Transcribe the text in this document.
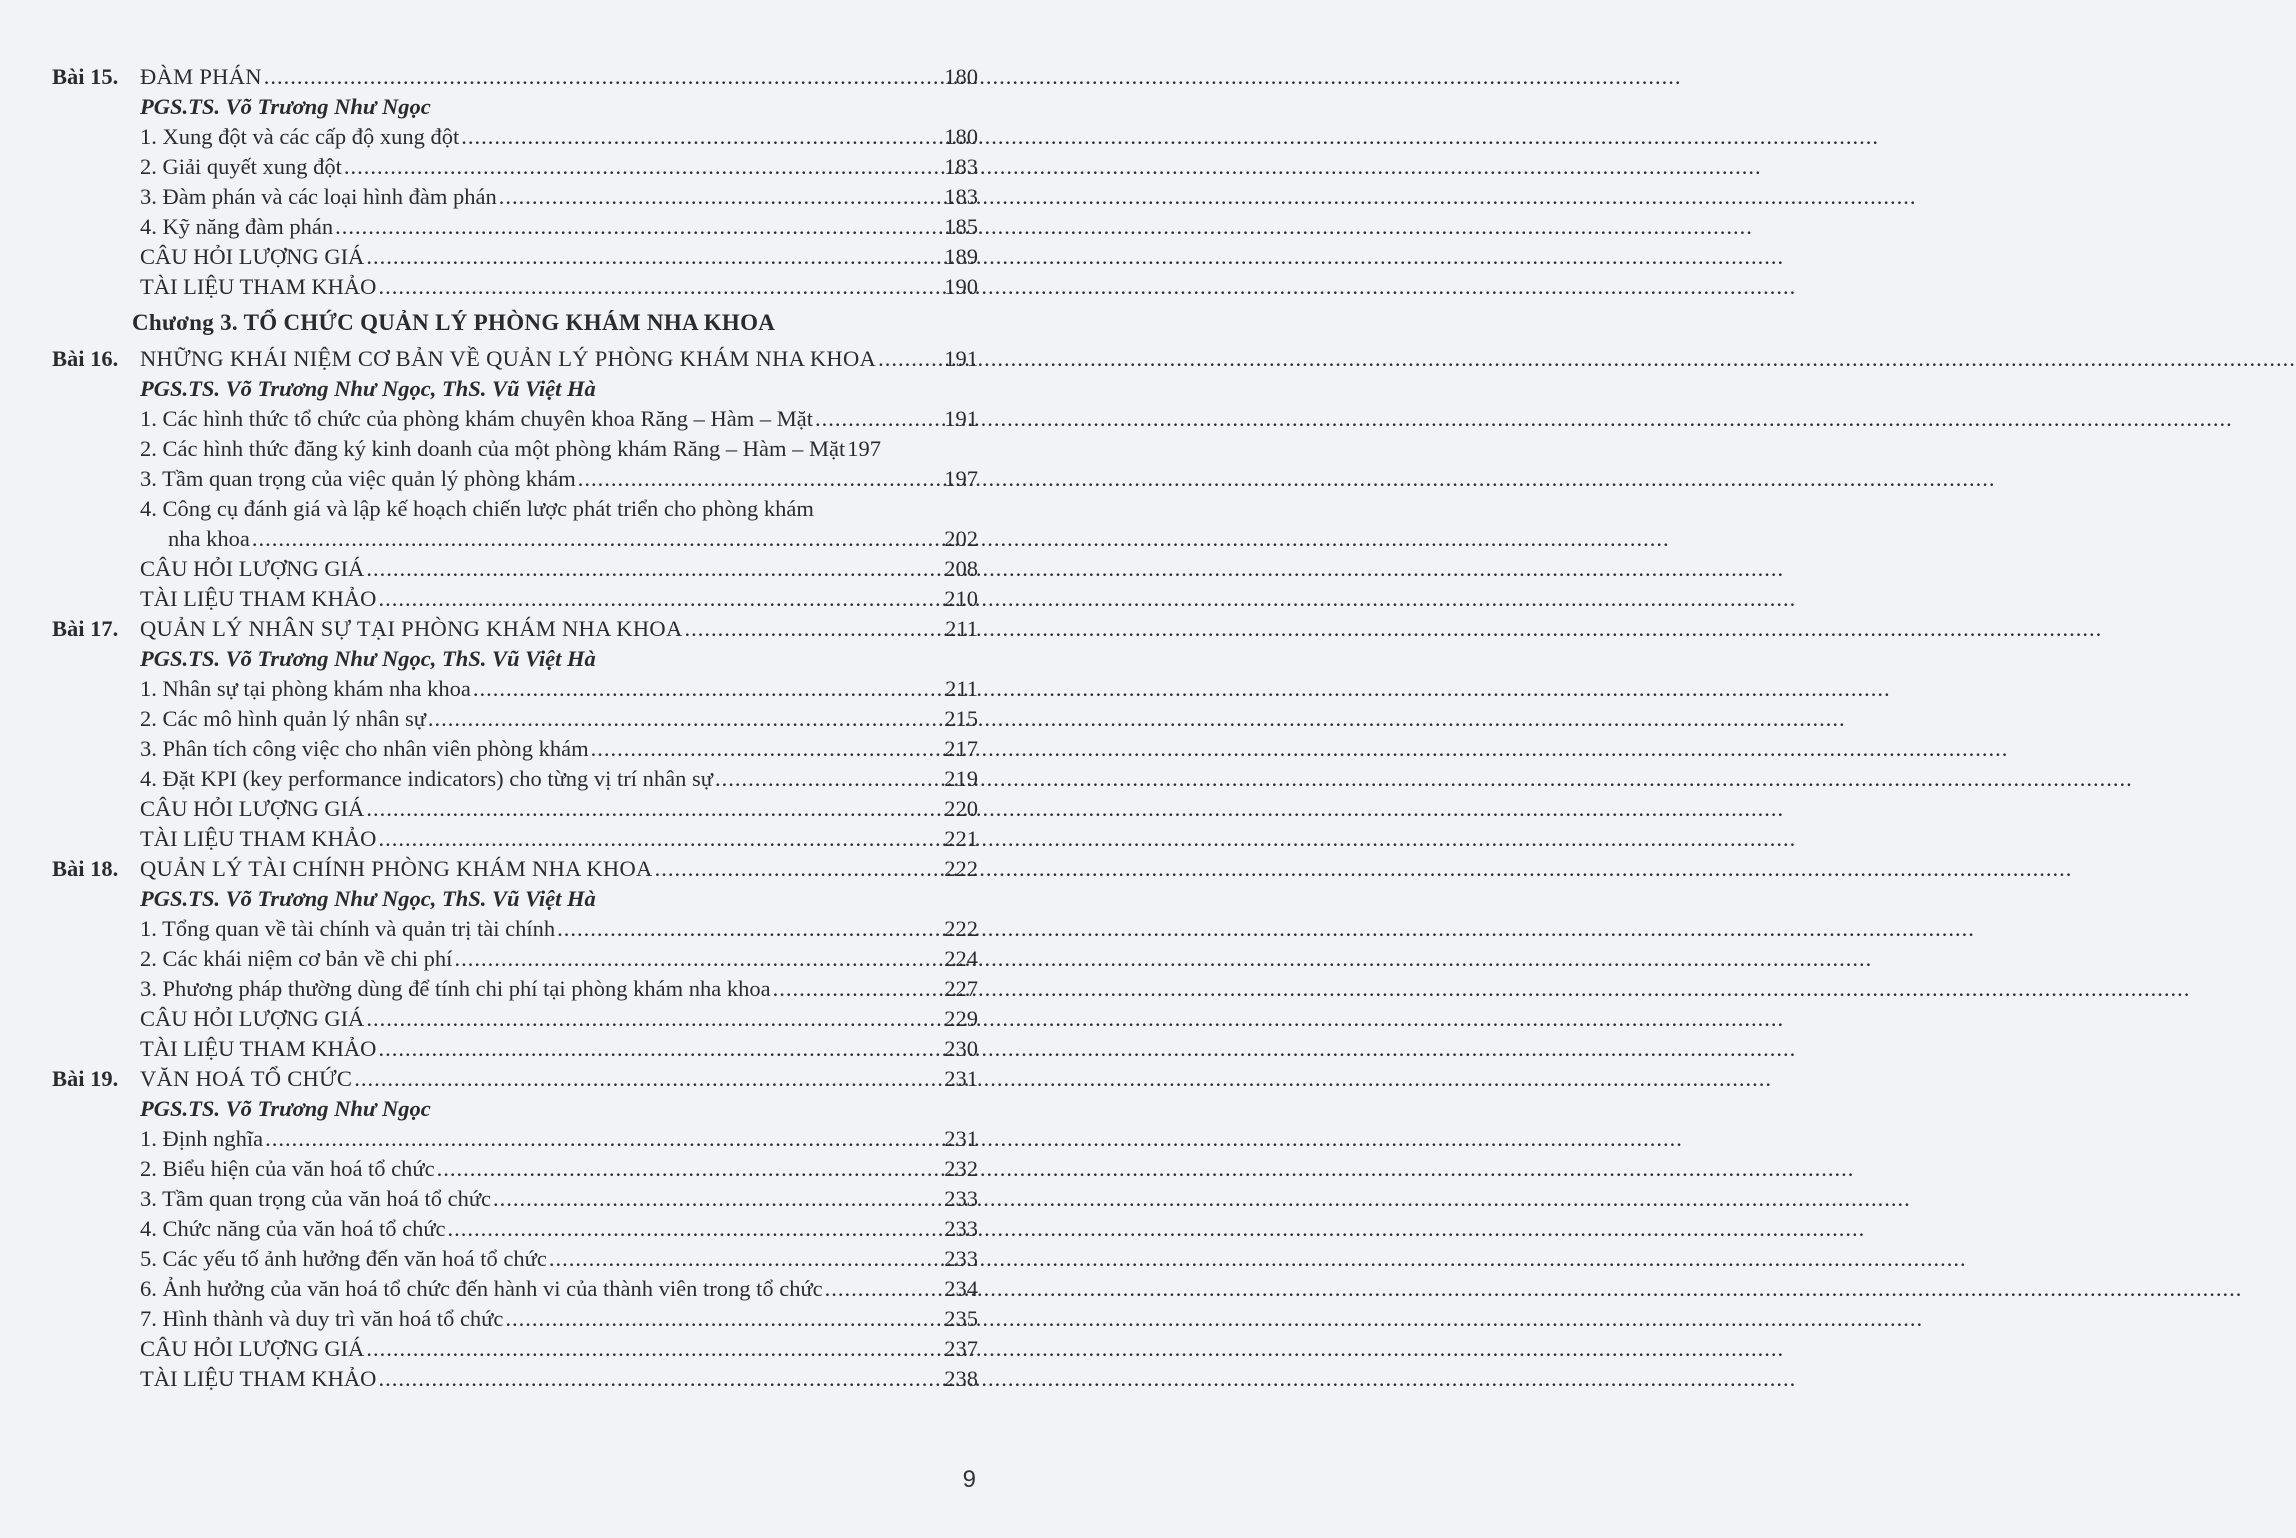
Bài 15. ĐÀM PHÁN .....	180
PGS.TS. Võ Trương Như Ngọc
1. Xung đột và các cấp độ xung đột .....	180
2. Giải quyết xung đột .....	183
3. Đàm phán và các loại hình đàm phán .....	183
4. Kỹ năng đàm phán .....	185
CÂU HỎI LƯỢNG GIÁ .....	189
TÀI LIỆU THAM KHẢO .....	190
Chương 3. TỔ CHỨC QUẢN LÝ PHÒNG KHÁM NHA KHOA
Bài 16. NHỮNG KHÁI NIỆM CƠ BẢN VỀ QUẢN LÝ PHÒNG KHÁM NHA KHOA .....	191
PGS.TS. Võ Trương Như Ngọc, ThS. Vũ Việt Hà
1. Các hình thức tổ chức của phòng khám chuyên khoa Răng – Hàm – Mặt .....	191
2. Các hình thức đăng ký kinh doanh của một phòng khám Răng – Hàm – Mặt 197
3. Tầm quan trọng của việc quản lý phòng khám .....	197
4. Công cụ đánh giá và lập kế hoạch chiến lược phát triển cho phòng khám
nha khoa .....	202
CÂU HỎI LƯỢNG GIÁ .....	208
TÀI LIỆU THAM KHẢO .....	210
Bài 17. QUẢN LÝ NHÂN SỰ TẠI PHÒNG KHÁM NHA KHOA .....	211
PGS.TS. Võ Trương Như Ngọc, ThS. Vũ Việt Hà
1. Nhân sự tại phòng khám nha khoa .....	211
2. Các mô hình quản lý nhân sự .....	215
3. Phân tích công việc cho nhân viên phòng khám .....	217
4. Đặt KPI (key performance indicators) cho từng vị trí nhân sự .....	219
CÂU HỎI LƯỢNG GIÁ .....	220
TÀI LIỆU THAM KHẢO .....	221
Bài 18. QUẢN LÝ TÀI CHÍNH PHÒNG KHÁM NHA KHOA .....	222
PGS.TS. Võ Trương Như Ngọc, ThS. Vũ Việt Hà
1. Tổng quan về tài chính và quản trị tài chính .....	222
2. Các khái niệm cơ bản về chi phí .....	224
3. Phương pháp thường dùng để tính chi phí tại phòng khám nha khoa .....	227
CÂU HỎI LƯỢNG GIÁ .....	229
TÀI LIỆU THAM KHẢO .....	230
Bài 19. VĂN HOÁ TỔ CHỨC .....	231
PGS.TS. Võ Trương Như Ngọc
1. Định nghĩa .....	231
2. Biểu hiện của văn hoá tổ chức .....	232
3. Tầm quan trọng của văn hoá tổ chức .....	233
4. Chức năng của văn hoá tổ chức .....	233
5. Các yếu tố ảnh hưởng đến văn hoá tổ chức .....	233
6. Ảnh hưởng của văn hoá tổ chức đến hành vi của thành viên trong tổ chức .....	234
7. Hình thành và duy trì văn hoá tổ chức .....	235
CÂU HỎI LƯỢNG GIÁ .....	237
TÀI LIỆU THAM KHẢO .....	238
9
